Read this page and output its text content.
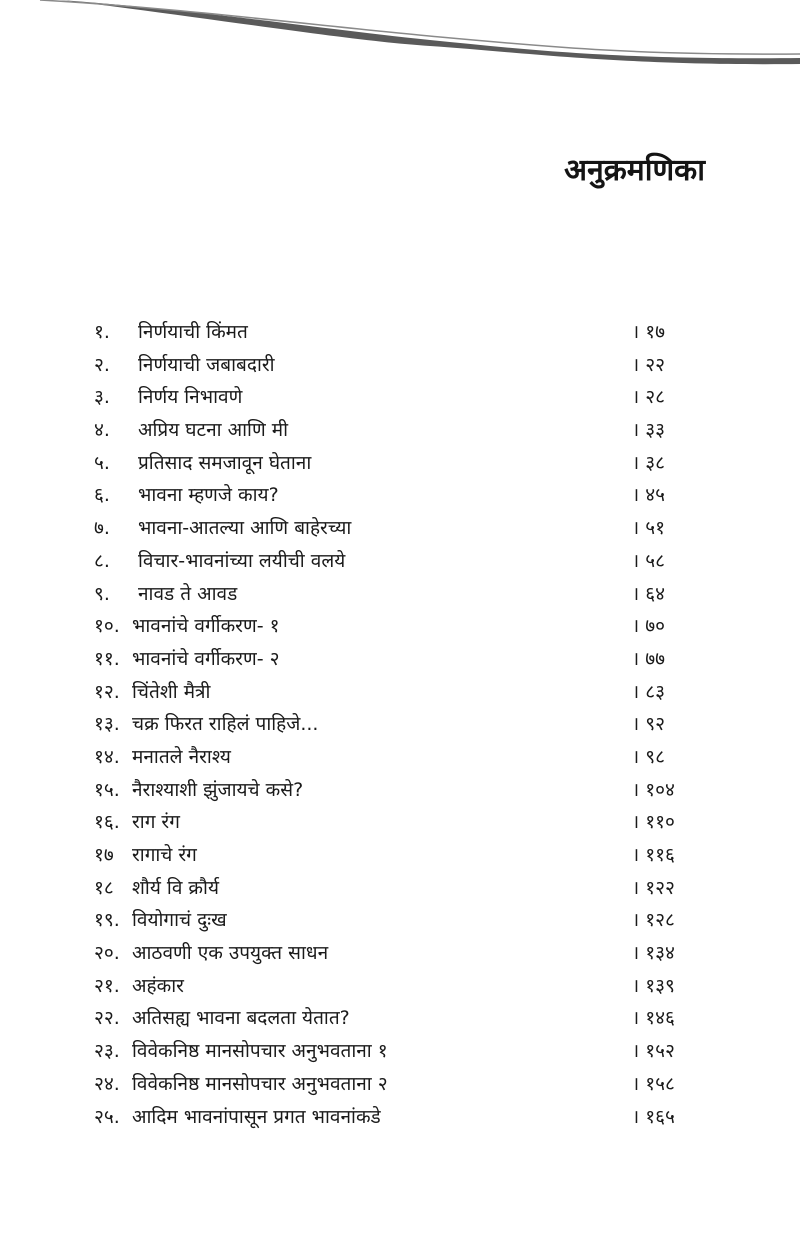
अनुक्रमणिका
१. निर्णयाची किंमत	। १७
२. निर्णयाची जबाबदारी	। २२
३. निर्णय निभावणे	। २८
४. अप्रिय घटना आणि मी	। ३३
५. प्रतिसाद समजावून घेताना	। ३८
६. भावना म्हणजे काय?	। ४५
७. भावना-आतल्या आणि बाहेरच्या	। ५१
८. विचार-भावनांच्या लयीची वलये	। ५८
९. नावड ते आवड	। ६४
१०. भावनांचे वर्गीकरण- १	। ७०
११. भावनांचे वर्गीकरण- २	। ७७
१२. चिंतेशी मैत्री	। ८३
१३. चक्र फिरत राहिलं पाहिजे...	। ९२
१४. मनातले नैराश्य	। ९८
१५. नैराश्याशी झुंजायचे कसे?	। १०४
१६. राग रंग	। ११०
१७ रागाचे रंग	। ११६
१८ शौर्य वि क्रौर्य	। १२२
१९. वियोगाचं दुःख	। १२८
२०. आठवणी एक उपयुक्त साधन	। १३४
२१. अहंकार	। १३९
२२. अतिसह्य भावना बदलता येतात?	। १४६
२३. विवेकनिष्ठ मानसोपचार अनुभवताना १	। १५२
२४. विवेकनिष्ठ मानसोपचार अनुभवताना २	। १५८
२५. आदिम भावनांपासून प्रगत भावनांकडे	। १६५
